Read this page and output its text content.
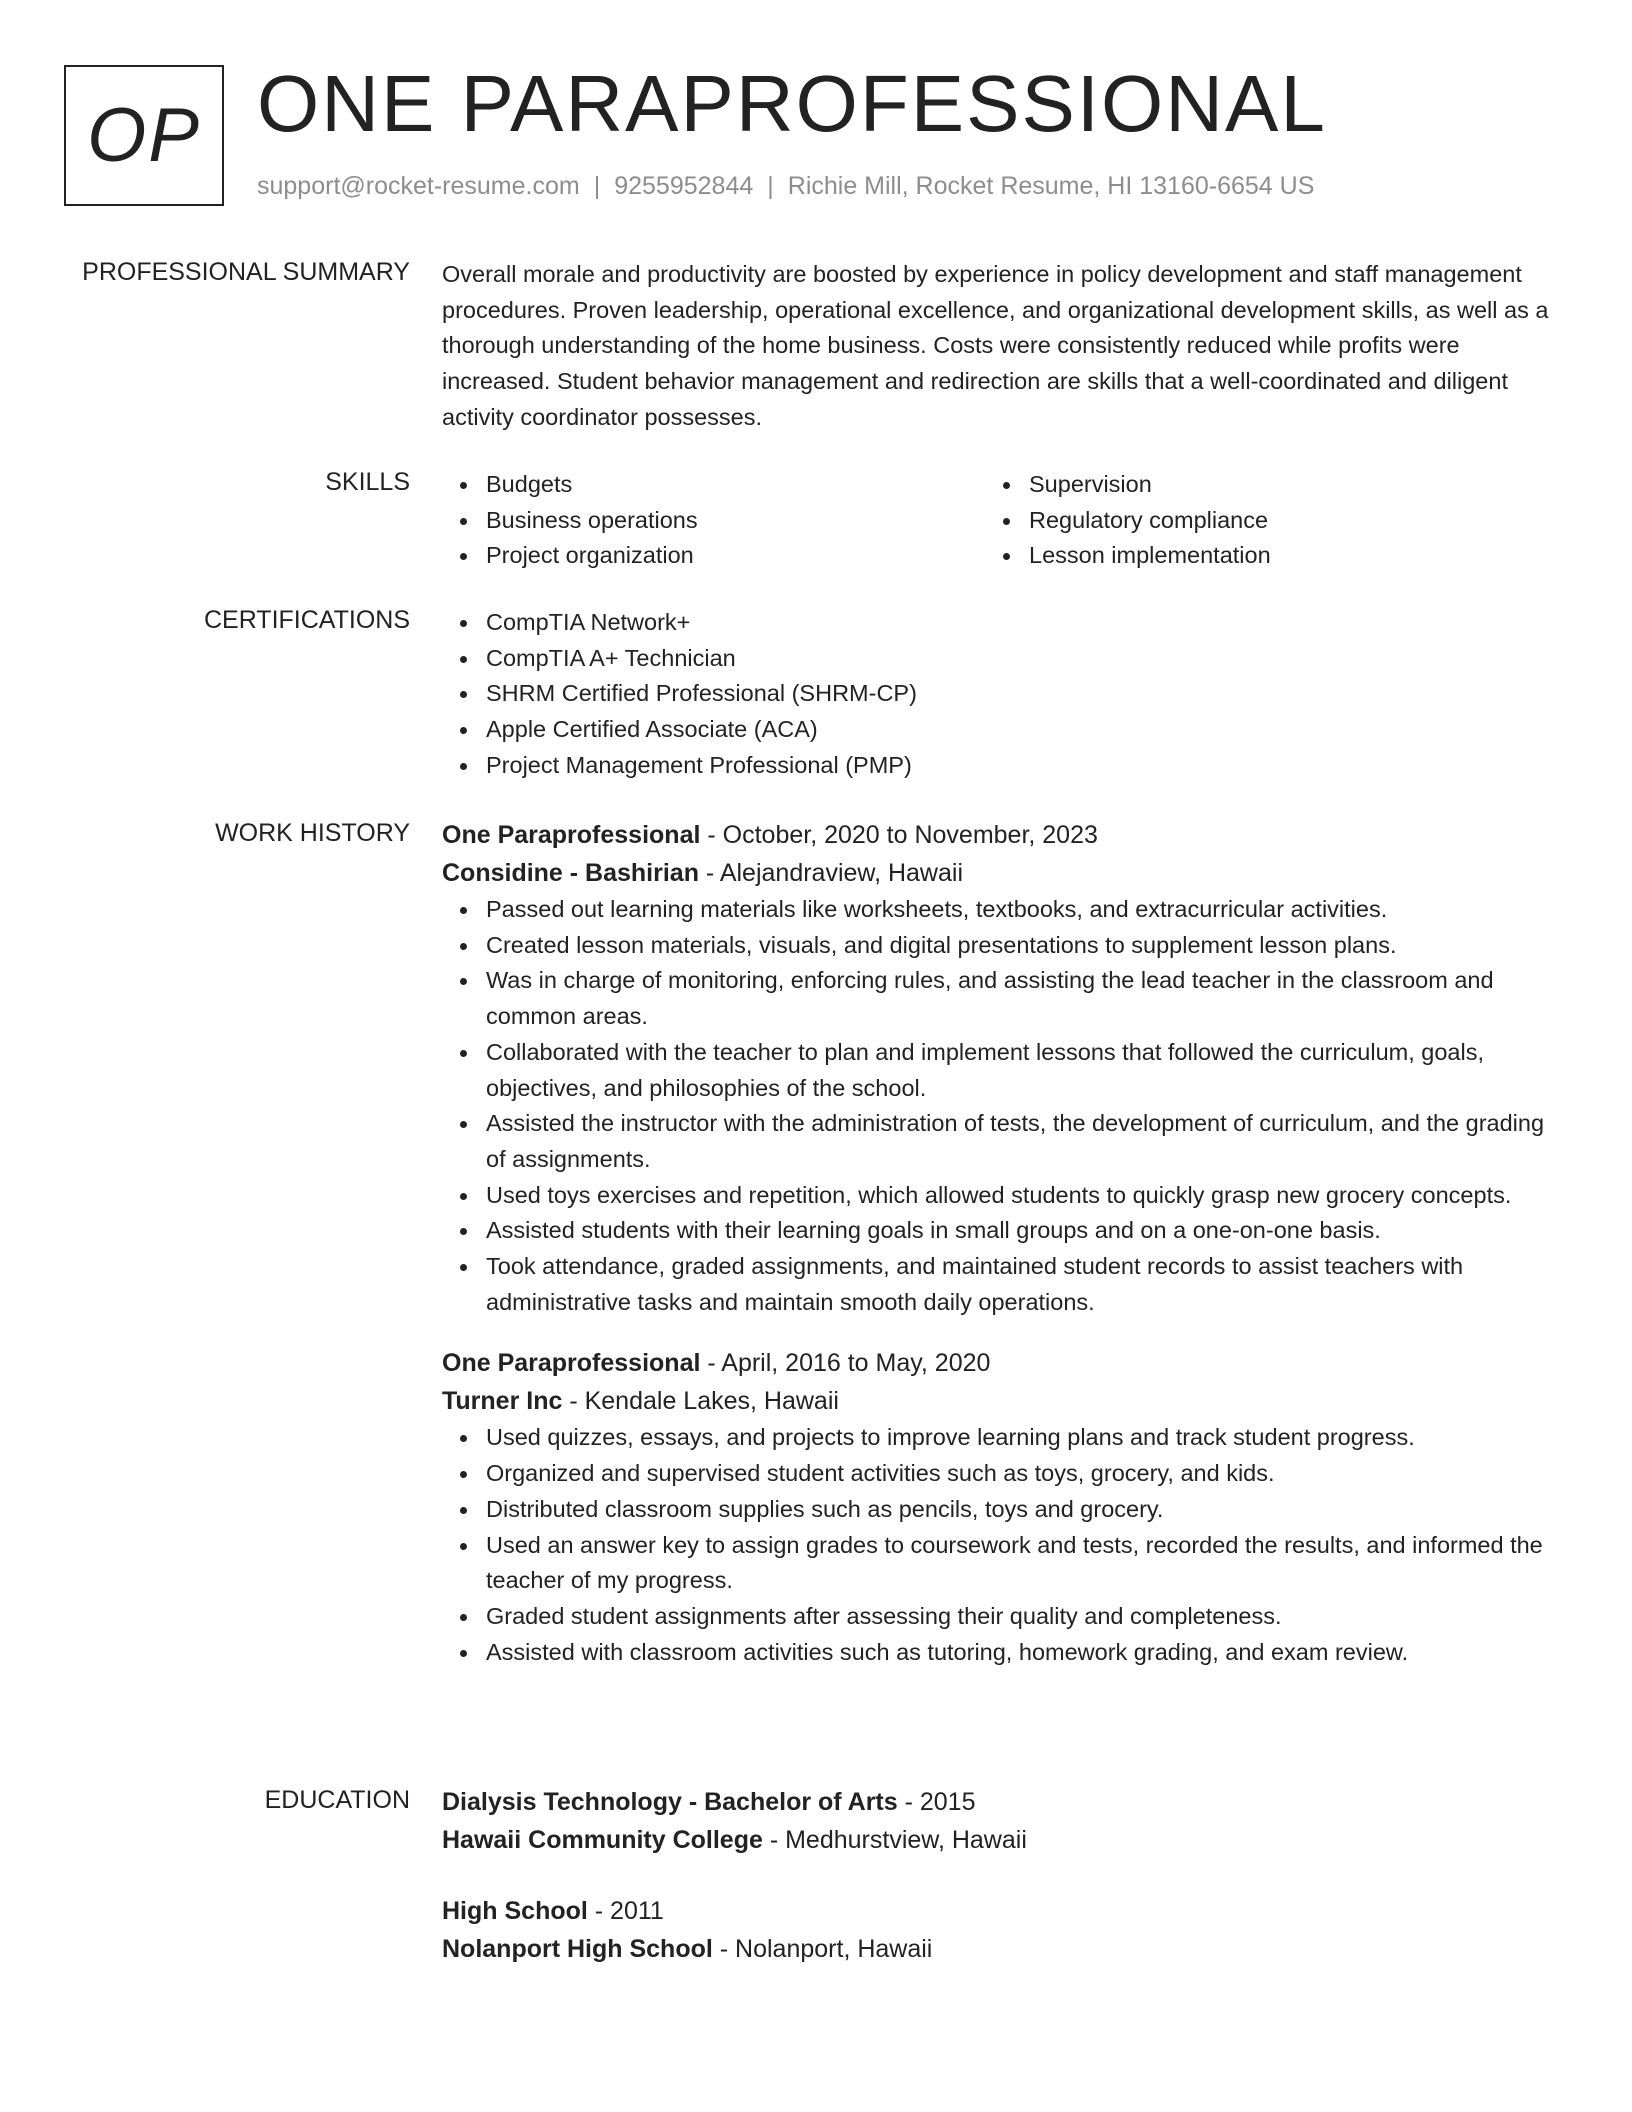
OP ONE PARAPROFESSIONAL
support@rocket-resume.com | 9255952844 | Richie Mill, Rocket Resume, HI 13160-6654 US
PROFESSIONAL SUMMARY Overall morale and productivity are boosted by experience in policy development and staff management procedures. Proven leadership, operational excellence, and organizational development skills, as well as a thorough understanding of the home business. Costs were consistently reduced while profits were increased. Student behavior management and redirection are skills that a well-coordinated and diligent activity coordinator possesses.

SKILLS	Budgets
Business operations
Project organization
Supervision
Regulatory compliance
Lesson implementation
CERTIFICATIONS	CompTIA Network+
CompTIA A+ Technician
SHRM Certified Professional (SHRM-CP)
Apple Certified Associate (ACA)
Project Management Professional (PMP)
WORK HISTORY One Paraprofessional - October, 2020 to November, 2023
Considine - Bashirian - Alejandraview, Hawaii
Passed out learning materials like worksheets, textbooks, and extracurricular activities.
Created lesson materials, visuals, and digital presentations to supplement lesson plans.
Was in charge of monitoring, enforcing rules, and assisting the lead teacher in the classroom and common areas.
Collaborated with the teacher to plan and implement lessons that followed the curriculum, goals, objectives, and philosophies of the school.
Assisted the instructor with the administration of tests, the development of curriculum, and the grading of assignments.
Used toys exercises and repetition, which allowed students to quickly grasp new grocery concepts.
Assisted students with their learning goals in small groups and on a one-on-one basis.
Took attendance, graded assignments, and maintained student records to assist teachers with administrative tasks and maintain smooth daily operations.
One Paraprofessional - April, 2016 to May, 2020
Turner Inc - Kendale Lakes, Hawaii
Used quizzes, essays, and projects to improve learning plans and track student progress.
Organized and supervised student activities such as toys, grocery, and kids.
Distributed classroom supplies such as pencils, toys and grocery.
Used an answer key to assign grades to coursework and tests, recorded the results, and informed the teacher of my progress.
Graded student assignments after assessing their quality and completeness.
Assisted with classroom activities such as tutoring, homework grading, and exam review.
EDUCATION Dialysis Technology - Bachelor of Arts - 2015
Hawaii Community College - Medhurstview, Hawaii
High School - 2011
Nolanport High School - Nolanport, Hawaii
